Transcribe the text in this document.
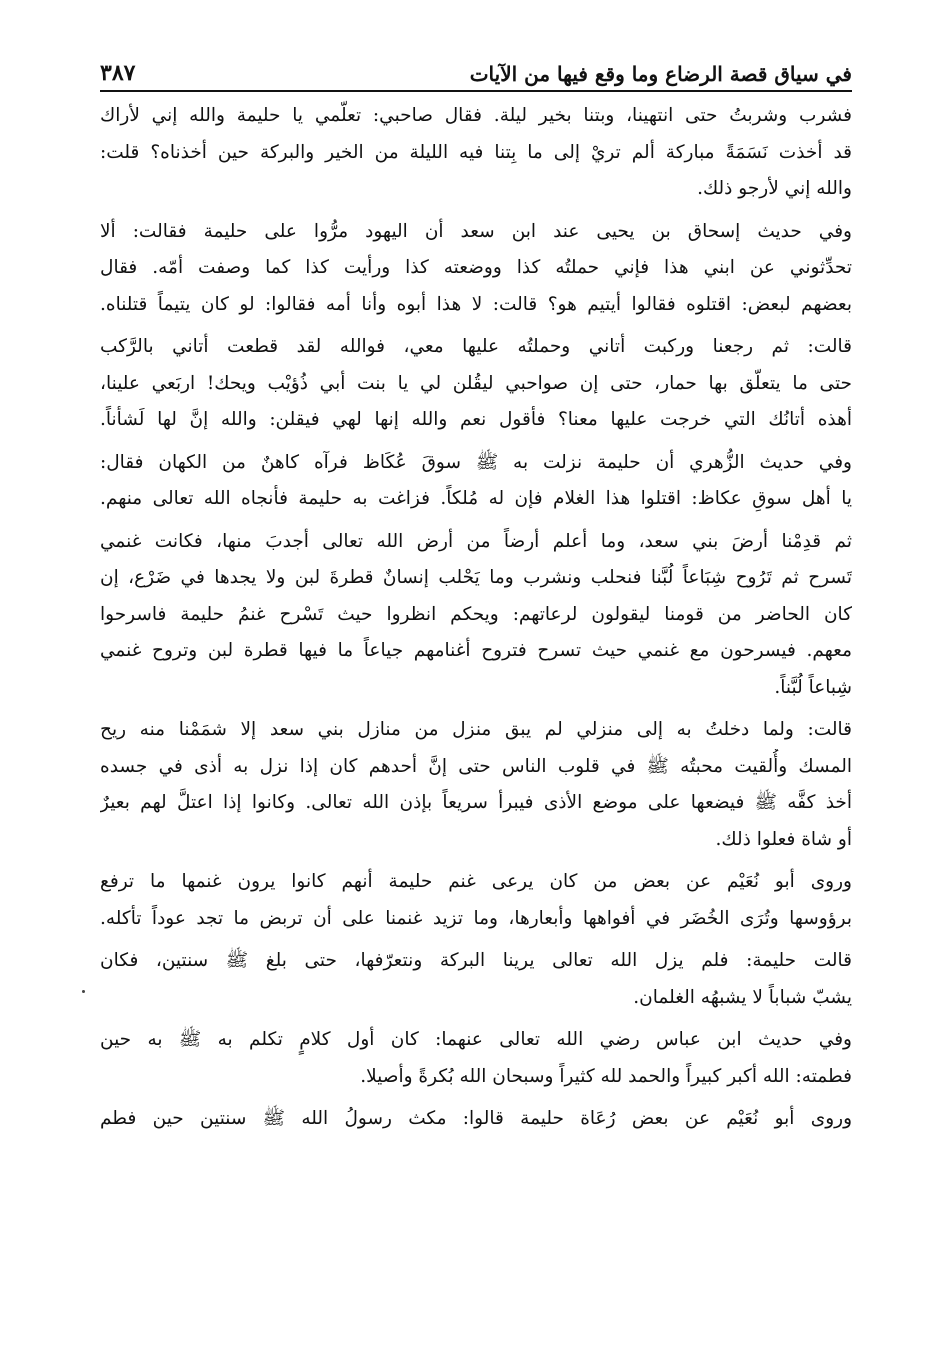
في سياق قصة الرضاع وما وقع فيها من الآيات
٣٨٧
فشرب وشربتُ حتى انتهينا، وبتنا بخير ليلة. فقال صاحبي: تعلّمي يا حليمة والله إني لأراك
قد أخذت نَسَمَةً مباركة ألم تريْ إلى ما بِتنا فيه الليلة من الخير والبركة حين أخذناه؟ قلت:
والله إني لأرجو ذلك.
وفي حديث إسحاق بن يحيى عند ابن سعد أن اليهود مرُّوا على حليمة فقالت: ألا
تحدِّثوني عن ابني هذا فإني حملتُه كذا ووضعته كذا ورأيت كذا كما وصفت أمّه. فقال
بعضهم لبعض: اقتلوه فقالوا أيتيم هو؟ قالت: لا هذا أبوه وأنا أمه فقالوا: لو كان يتيماً قتلناه.
قالت: ثم رجعنا وركبت أتاني وحملتُه عليها معي، فوالله لقد قطعت أتاني بالرَّكب
حتى ما يتعلّق بها حمار، حتى إن صواحبي ليقُلن لي يا بنت أبي ذُؤيْب ويحك! اربَعي علينا،
أهذه أتانُك التي خرجت عليها معنا؟ فأقول نعم والله إنها لهي فيقلن: والله إنَّ لها لَشأناً.
وفي حديث الزُّهري أن حليمة نزلت به ﷺ سوقَ عُكَاظ فرآه كاهنٌ من الكهان فقال:
يا أهل سوقِ عكاظ: اقتلوا هذا الغلام فإن له مُلكاً. فزاغت به حليمة فأنجاه الله تعالى منهم.
ثم قدِمْنا أرضَ بني سعد، وما أعلم أرضاً من أرض الله تعالى أجدبَ منها، فكانت غنمي
تَسرح ثم تَرُوح شِبَاعاً لُبَّنا فنحلب ونشرب وما يَحْلب إنسانٌ قطرةَ لبن ولا يجدها في ضَرْع، إن
كان الحاضر من قومنا ليقولون لرعاتهم: ويحكم انظروا حيث تَسْرح غنمُ حليمة فاسرحوا
معهم. فيسرحون مع غنمي حيث تسرح فتروح أغنامهم جياعاً ما فيها قطرة لبن وتروح غنمي
شِباعاً لُبَّناً.
قالت: ولما دخلتُ به إلى منزلي لم يبق منزل من منازل بني سعد إلا شمَمْنا منه ريح
المسك وأُلقيت محبتُه ﷺ في قلوب الناس حتى إنَّ أحدهم كان إذا نزل به أذى في جسده
أخذ كفَّه ﷺ فيضعها على موضع الأذى فيبرأ سريعاً بإذن الله تعالى. وكانوا إذا اعتلَّ لهم بعيرٌ
أو شاة فعلوا ذلك.
وروى أبو نُعَيْم عن بعض من كان يرعى غنم حليمة أنهم كانوا يرون غنمها ما ترفع
برؤوسها وتُرَى الخُضَر في أفواهها وأبعارها، وما تزيد غنمنا على أن تربض ما تجد عوداً تأكله.
قالت حليمة: فلم يزل الله تعالى يرينا البركة ونتعرّفها، حتى بلغ ﷺ سنتين، فكان
يشبّ شباباً لا يشبهُه الغلمان.
وفي حديث ابن عباس رضي الله تعالى عنهما: كان أول كلامٍ تكلم به ﷺ به حين
فطمته: الله أكبر كبيراً والحمد لله كثيراً وسبحان الله بُكرةً وأصيلا.
وروى أبو نُعَيْم عن بعض رُعَاة حليمة قالوا: مكث رسولُ الله ﷺ سنتين حين فطم
